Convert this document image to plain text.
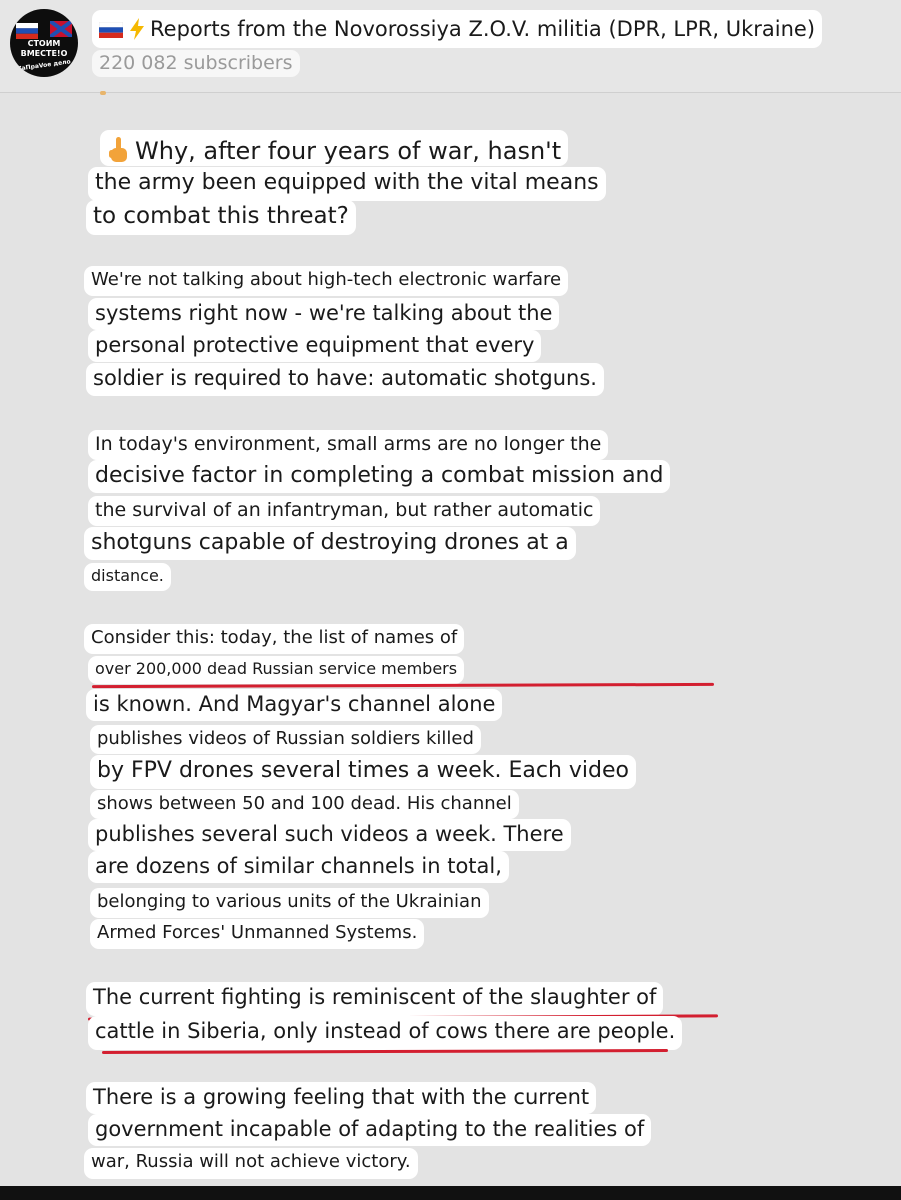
СТОИМ
ВМЕСТЕ!O
ZaПраVoe дело
Reports from the Novorossiya Z.O.V. militia (DPR, LPR, Ukraine)
220 082 subscribers
Why, after four years of war, hasn't
the army been equipped with the vital means
to combat this threat?
We're not talking about high-tech electronic warfare
systems right now - we're talking about the
personal protective equipment that every
soldier is required to have: automatic shotguns.
In today's environment, small arms are no longer the
decisive factor in completing a combat mission and
the survival of an infantryman, but rather automatic
shotguns capable of destroying drones at a
distance.
Consider this: today, the list of names of
over 200,000 dead Russian service members
is known. And Magyar's channel alone
publishes videos of Russian soldiers killed
by FPV drones several times a week. Each video
shows between 50 and 100 dead. His channel
publishes several such videos a week. There
are dozens of similar channels in total,
belonging to various units of the Ukrainian
Armed Forces' Unmanned Systems.
The current fighting is reminiscent of the slaughter of
cattle in Siberia, only instead of cows there are people.
There is a growing feeling that with the current
government incapable of adapting to the realities of
war, Russia will not achieve victory.
